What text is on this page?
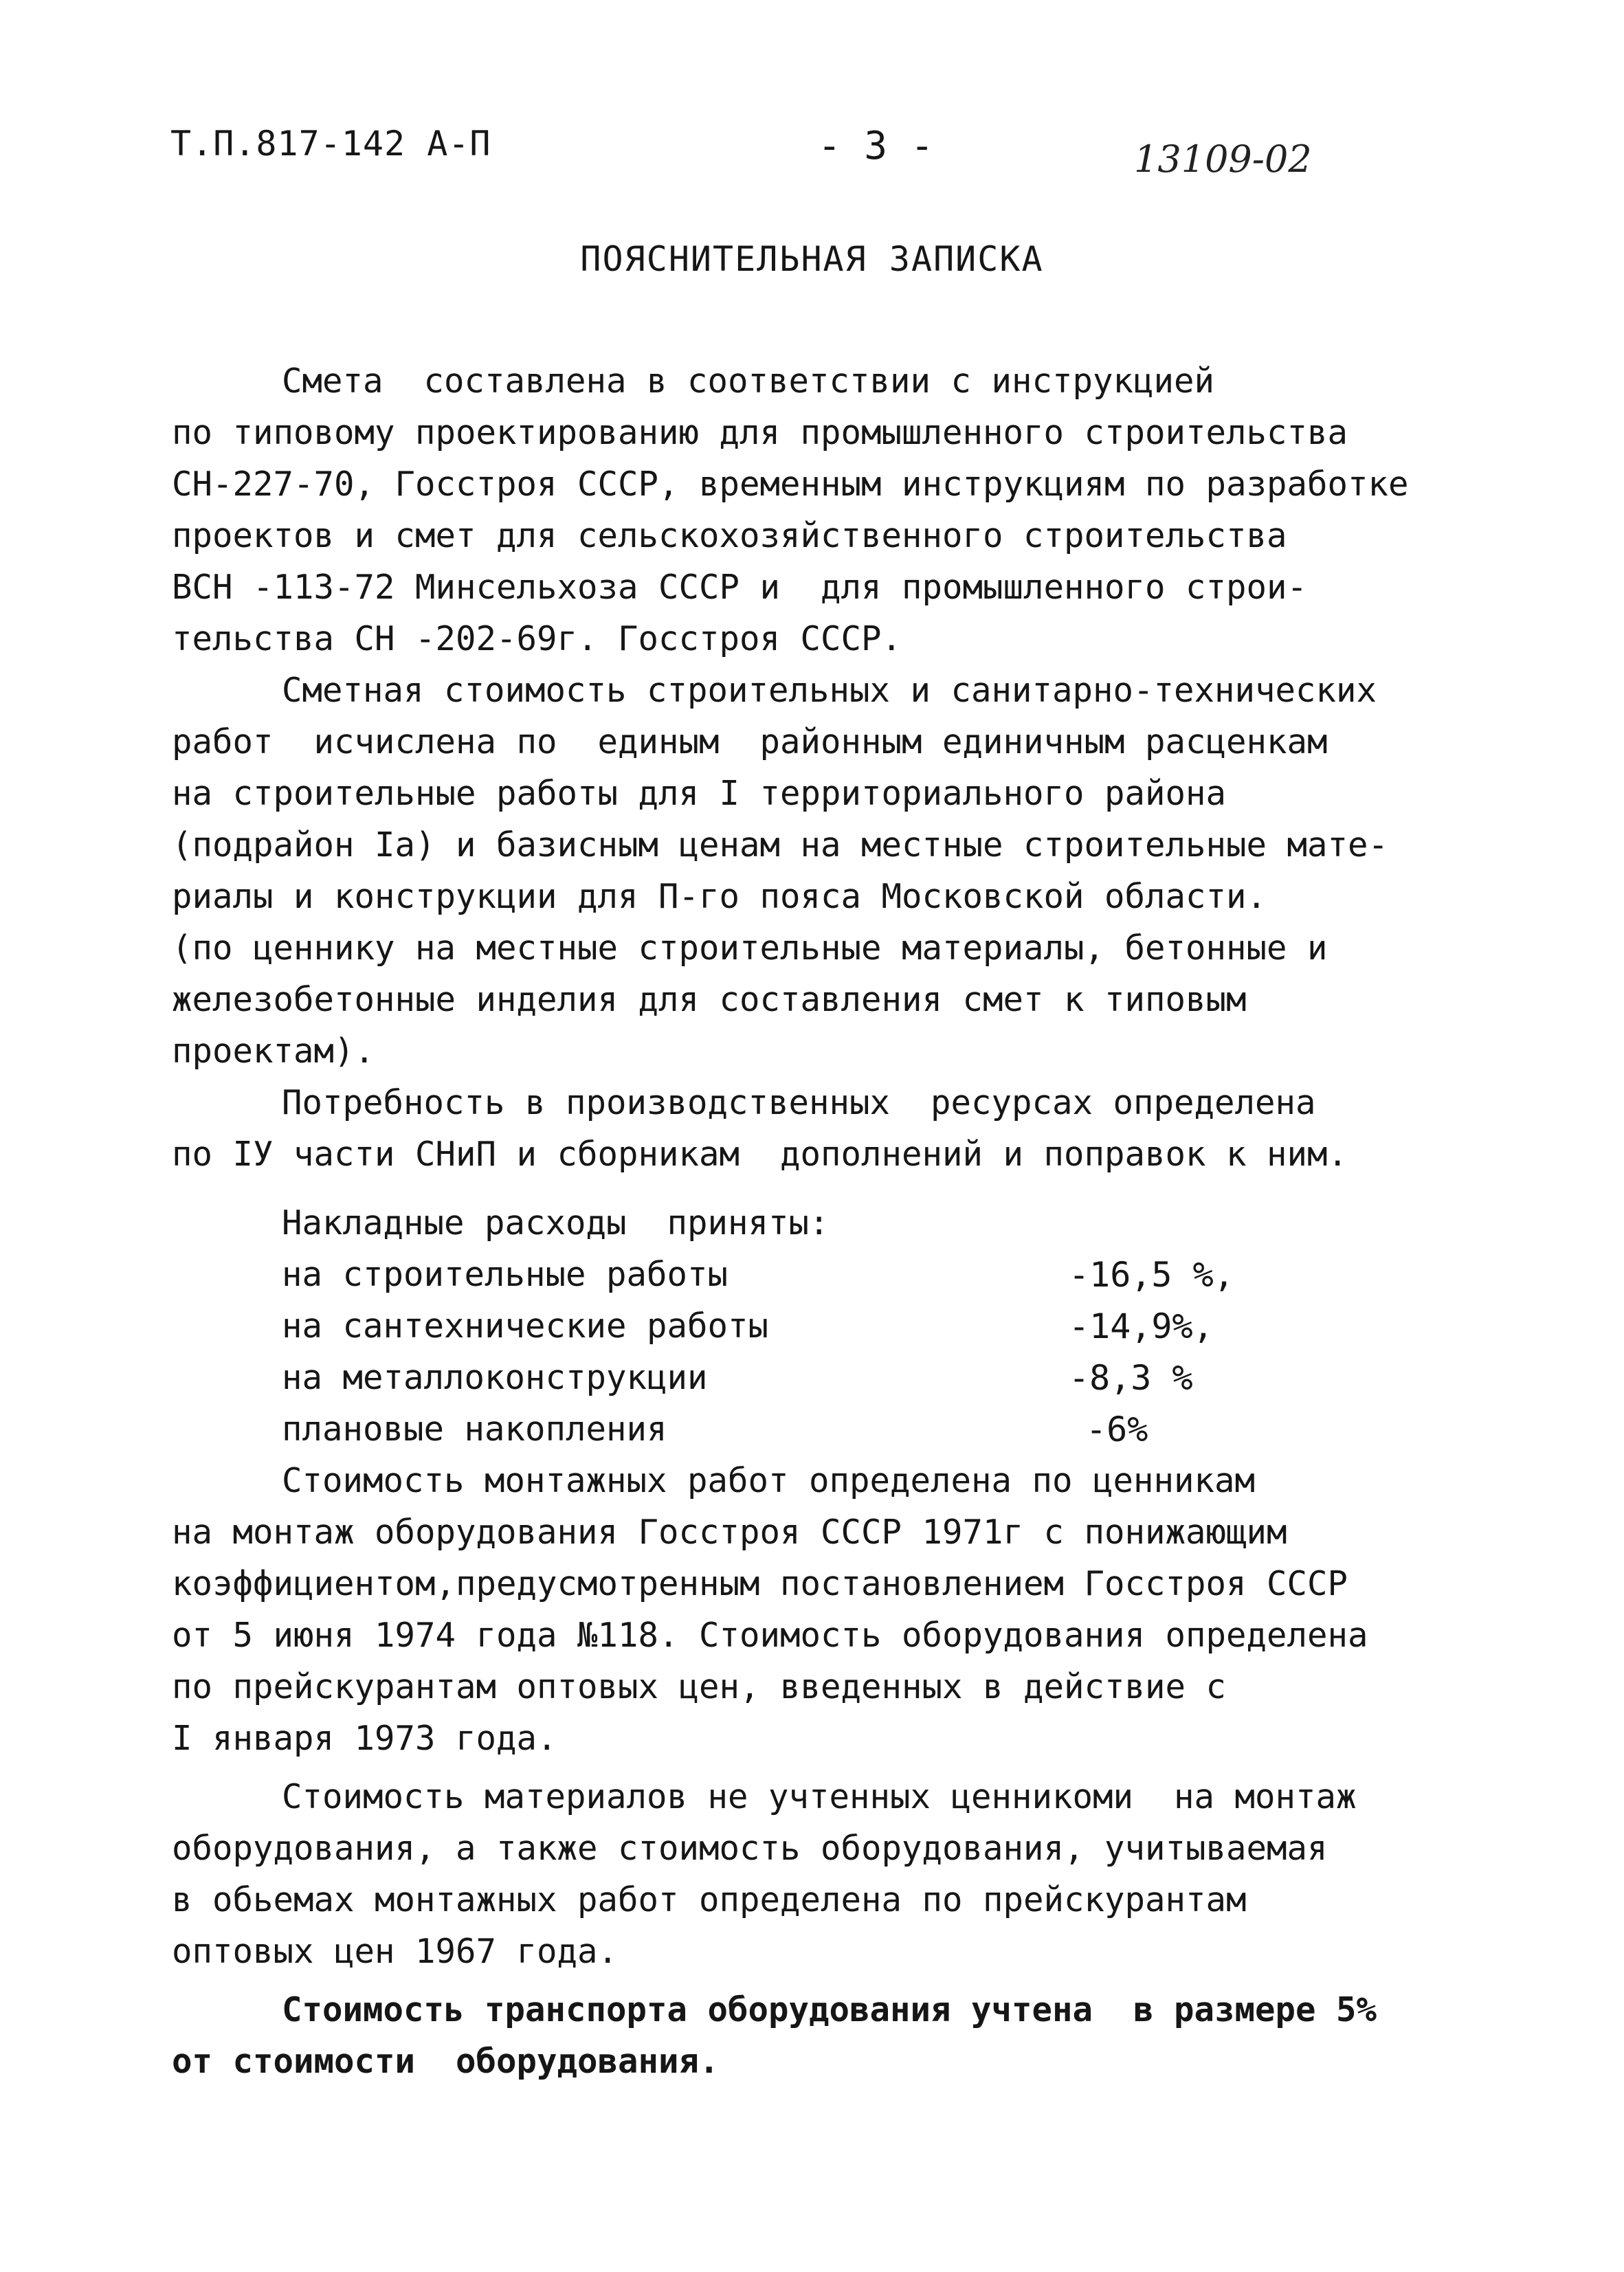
Т.П.817-142 А-П	- 3 -	13109-02
ПОЯСНИТЕЛЬНАЯ ЗАПИСКА
Смета  составлена в соответствии с инструкцией
по типовому проектированию для промышленного строительства
СН-227-70, Госстроя СССР, временным инструкциям по разработке
проектов и смет для сельскохозяйственного строительства
ВСН -113-72 Минсельхоза СССР и  для промышленного строи-
тельства СН -202-69г. Госстроя СССР.
Сметная стоимость строительных и санитарно-технических
работ  исчислена по  единым  районным единичным расценкам
на строительные работы для I территориального района
(подрайон Iа) и базисным ценам на местные строительные мате-
риалы и конструкции для П-го пояса Московской области.
(по ценнику на местные строительные материалы, бетонные и
железобетонные инделия для составления смет к типовым
проектам).
Потребность в производственных  ресурсах определена
по IУ части СНиП и сборникам  дополнений и поправок к ним.
Накладные расходы  приняты:
на строительные работы	-16,5 %,
на сантехнические работы	-14,9%,
на металлоконструкции	-8,3 %
плановые накопления	-6%
Стоимость монтажных работ определена по ценникам
на монтаж оборудования Госстроя СССР 1971г с понижающим
коэффициентом,предусмотренным постановлением Госстроя СССР
от 5 июня 1974 года №118. Стоимость оборудования определена
по прейскурантам оптовых цен, введенных в действие с
I января 1973 года.
Стоимость материалов не учтенных ценникоми  на монтаж
оборудования, а также стоимость оборудования, учитываемая
в обьемах монтажных работ определена по прейскурантам
оптовых цен 1967 года.
Стоимость транспорта оборудования учтена  в размере 5%
от стоимости  оборудования.
